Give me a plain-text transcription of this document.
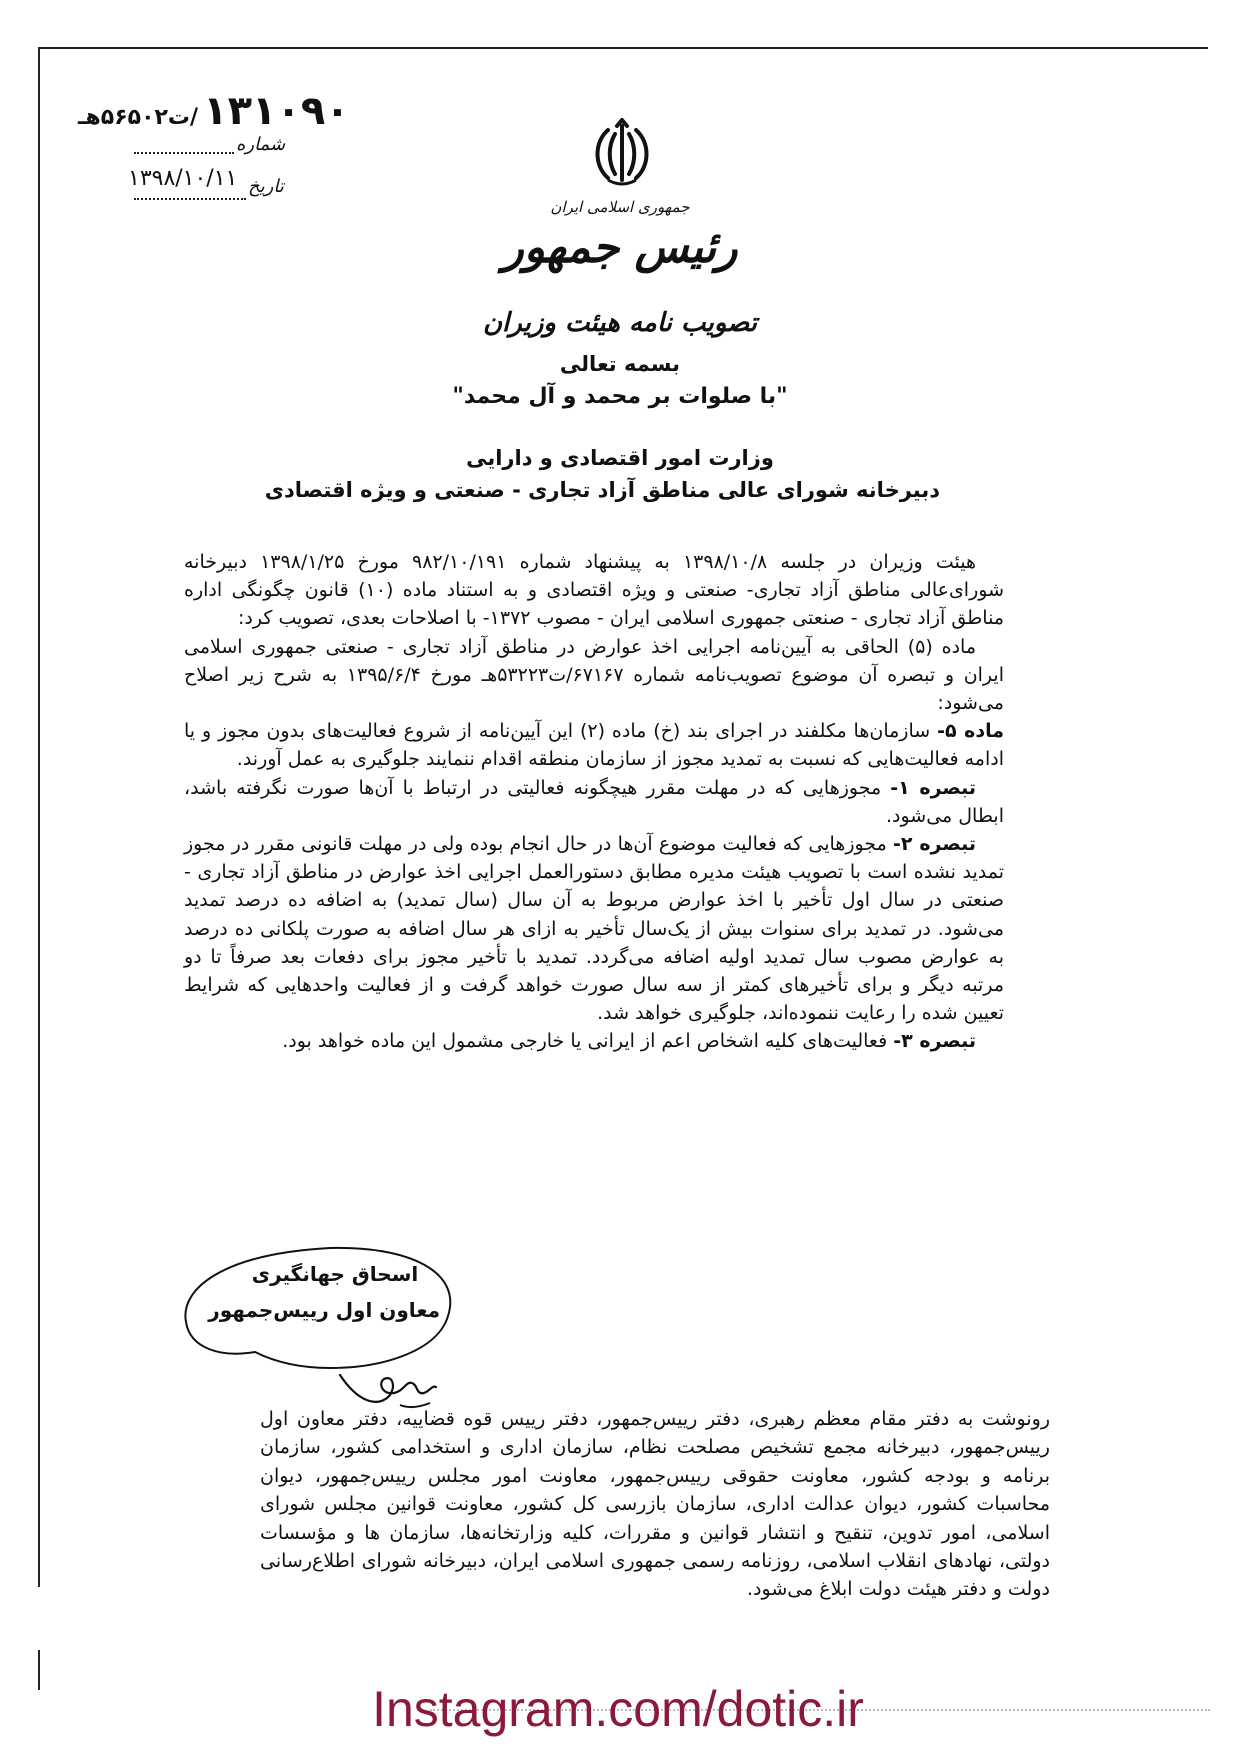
۱۳۱۰۹۰ /ت۵۶۵۰۲هـ
شماره
۱۳۹۸/۱۰/۱۱ تاریخ
جمهوری اسلامی ایران
رئیس جمهور
تصویب نامه هیئت وزیران
بسمه تعالی
"با صلوات بر محمد و آل محمد"
وزارت امور اقتصادی و دارایی
دبیرخانه شورای عالی مناطق آزاد تجاری - صنعتی و ویژه اقتصادی

هیئت وزیران در جلسه ۱۳۹۸/۱۰/۸ به پیشنهاد شماره ۹۸۲/۱۰/۱۹۱ مورخ ۱۳۹۸/۱/۲۵ دبیرخانه شورای‌عالی مناطق آزاد تجاری- صنعتی و ویژه اقتصادی و به استناد ماده (۱۰) قانون چگونگی اداره مناطق آزاد تجاری - صنعتی جمهوری اسلامی ایران - مصوب ۱۳۷۲- با اصلاحات بعدی، تصویب کرد:

ماده (۵) الحاقی به آیین‌نامه اجرایی اخذ عوارض در مناطق آزاد تجاری - صنعتی جمهوری اسلامی ایران و تبصره آن موضوع تصویب‌نامه شماره ۶۷۱۶۷/ت۵۳۲۲۳هـ مورخ ۱۳۹۵/۶/۴ به شرح زیر اصلاح می‌شود:

ماده ۵- سازمان‌ها مکلفند در اجرای بند (خ) ماده (۲) این آیین‌نامه از شروع فعالیت‌های بدون مجوز و یا ادامه فعالیت‌هایی که نسبت به تمدید مجوز از سازمان منطقه اقدام ننمایند جلوگیری به عمل آورند.

تبصره ۱- مجوزهایی که در مهلت مقرر هیچگونه فعالیتی در ارتباط با آن‌ها صورت نگرفته باشد، ابطال می‌شود.

تبصره ۲- مجوزهایی که فعالیت موضوع آن‌ها در حال انجام بوده ولی در مهلت قانونی مقرر در مجوز تمدید نشده است با تصویب هیئت مدیره مطابق دستورالعمل اجرایی اخذ عوارض در مناطق آزاد تجاری - صنعتی در سال اول تأخیر با اخذ عوارض مربوط به آن سال (سال تمدید) به اضافه ده درصد تمدید می‌شود. در تمدید برای سنوات بیش از یک‌سال تأخیر به ازای هر سال اضافه به صورت پلکانی ده درصد به عوارض مصوب سال تمدید اولیه اضافه می‌گردد. تمدید با تأخیر مجوز برای دفعات بعد صرفاً تا دو مرتبه دیگر و برای تأخیرهای کمتر از سه سال صورت خواهد گرفت و از فعالیت واحدهایی که شرایط تعیین شده را رعایت ننموده‌اند، جلوگیری خواهد شد.

تبصره ۳- فعالیت‌های کلیه اشخاص اعم از ایرانی یا خارجی مشمول این ماده خواهد بود.

اسحاق جهانگیری
معاون اول رییس‌جمهور

رونوشت به دفتر مقام معظم رهبری، دفتر رییس‌جمهور، دفتر رییس قوه قضاییه، دفتر معاون اول رییس‌جمهور، دبیرخانه مجمع تشخیص مصلحت نظام، سازمان اداری و استخدامی کشور، سازمان برنامه و بودجه کشور، معاونت حقوقی رییس‌جمهور، معاونت امور مجلس رییس‌جمهور، دیوان محاسبات کشور، دیوان عدالت اداری، سازمان بازرسی کل کشور، معاونت قوانین مجلس شورای اسلامی، امور تدوین، تنقیح و انتشار قوانین و مقررات، کلیه وزارتخانه‌ها، سازمان ها و مؤسسات دولتی، نهادهای انقلاب اسلامی، روزنامه رسمی جمهوری اسلامی ایران، دبیرخانه شورای اطلاع‌رسانی دولت و دفتر هیئت دولت ابلاغ می‌شود.

Instagram.com/dotic.ir
